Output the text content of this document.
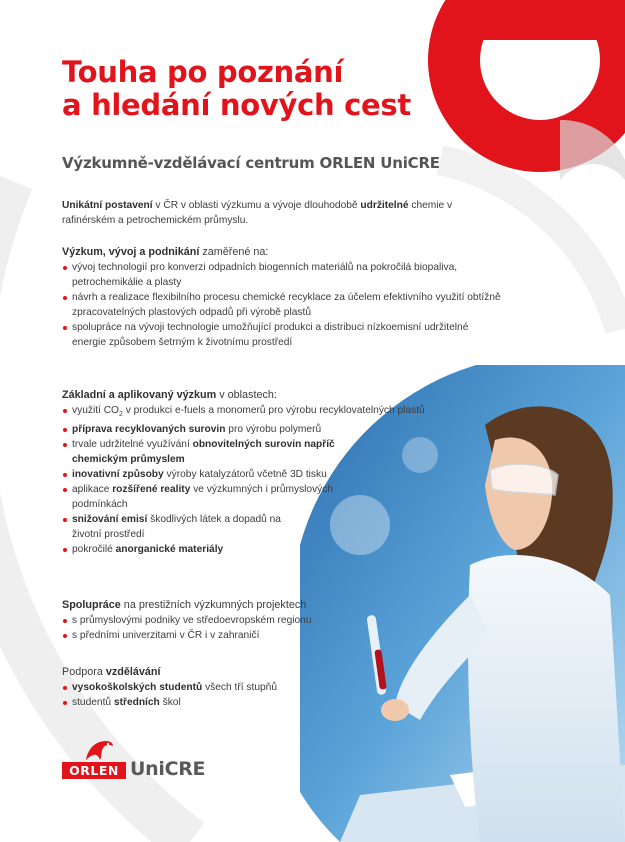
Touha po poznání
a hledání nových cest
Výzkumně-vzdělávací centrum ORLEN UniCRE

Unikátní postavení v ČR v oblasti výzkumu a vývoje dlouhodobě udržitelné chemie v rafinérském a petrochemickém průmyslu.

Výzkum, vývoj a podnikání zaměřené na:

vývoj technologií pro konverzi odpadních biogenních materiálů na pokročilá biopaliva, petrochemikálie a plasty
návrh a realizace flexibilního procesu chemické recyklace za účelem efektivního využití obtížně zpracovatelných plastových odpadů při výrobě plastů
spolupráce na vývoji technologie umožňující produkci a distribuci nízkoemisní udržitelné energie způsobem šetrným k životnímu prostředí

Základní a aplikovaný výzkum v oblastech:

využití $CO_2$ v produkci e-fuels a monomerů pro výrobu recyklovatelných plastů
příprava recyklovaných surovin pro výrobu polymerů
trvale udržitelné využívání obnovitelných surovin napříč chemickým průmyslem
inovativní způsoby výroby katalyzátorů včetně 3D tisku
aplikace rozšířené reality ve výzkumných i průmyslových podmínkách
snižování emisí škodlivých látek a dopadů na životní prostředí
pokročilé anorganické materiály

Spolupráce na prestižních výzkumných projektech

s průmyslovými podniky ve středoevropském regionu
s předními univerzitami v ČR i v zahraničí

Podpora vzdělávání

vysokoškolských studentů všech tří stupňů
studentů středních škol
ORLEN UniCRE
